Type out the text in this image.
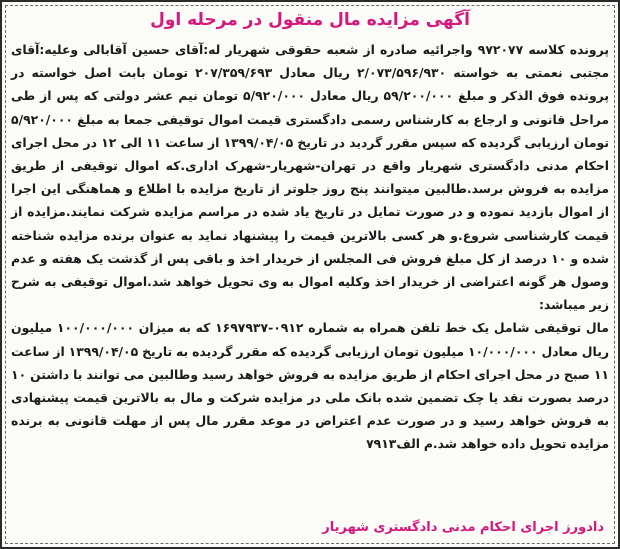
آگهی مزایده مال منقول در مرحله اول

پرونده کلاسه ۹۷۲۰۷۷ واجرائیه صادره از شعبه حقوقی شهریار له:آقای حسین آقابالی وعلیه:آقای مجتبی نعمتی به خواسته ۲/۰۷۳/۵۹۶/۹۳۰ ریال معادل ۲۰۷/۳۵۹/۶۹۳ تومان بابت اصل خواسته در پرونده فوق الذکر و مبلغ ۵۹/۲۰۰/۰۰۰ ریال معادل ۵/۹۲۰/۰۰۰ تومان نیم عشر دولتی که پس از طی مراحل قانونی و ارجاع به کارشناس رسمی دادگستری قیمت اموال توقیفی جمعا به مبلغ ۵/۹۲۰/۰۰۰ تومان ارزیابی گردیده که سپس مقرر گردید در تاریخ ۱۳۹۹/۰۴/۰۵ از ساعت ۱۱ الی ۱۲ در محل اجرای احکام مدنی دادگستری شهریار واقع در تهران-شهریار-شهرک اداری.که اموال توقیفی از طریق مزایده به فروش برسد.طالبین میتوانند پنج روز جلوتر از تاریخ مزایده با اطلاع و هماهنگی این اجرا از اموال بازدید نموده و در صورت تمایل در تاریخ یاد شده در مراسم مزایده شرکت نمایند.مزایده از قیمت کارشناسی شروع.و هر کسی بالاترین قیمت را پیشنهاد نماید به عنوان برنده مزایده شناخته شده و ۱۰ درصد از کل مبلغ فروش فی المجلس از خریدار اخذ و باقی پس از گذشت یک هفته و عدم وصول هر گونه اعتراضی از خریدار اخذ وکلیه اموال به وی تحویل خواهد شد.اموال توقیفی به شرح زیر میباشد:

مال توقیفی شامل یک خط تلفن همراه به شماره ۰۹۱۲-۱۶۹۷۹۳۷ که به میزان ۱۰۰/۰۰۰/۰۰۰ میلیون ریال معادل ۱۰/۰۰۰/۰۰۰ میلیون تومان ارزیابی گردیده که مقرر گردیده به تاریخ ۱۳۹۹/۰۴/۰۵ از ساعت ۱۱ صبح در محل اجرای احکام از طریق مزایده به فروش خواهد رسید وطالبین می توانند با داشتن ۱۰ درصد بصورت نقد یا چک تضمین شده بانک ملی در مزایده شرکت و مال به بالاترین قیمت پیشنهادی به فروش خواهد رسید و در صورت عدم اعتراض در موعد مقرر مال پس از مهلت قانونی به برنده مزایده تحویل داده خواهد شد.م الف۷۹۱۳

دادورز اجرای احکام مدنی دادگستری شهریار
